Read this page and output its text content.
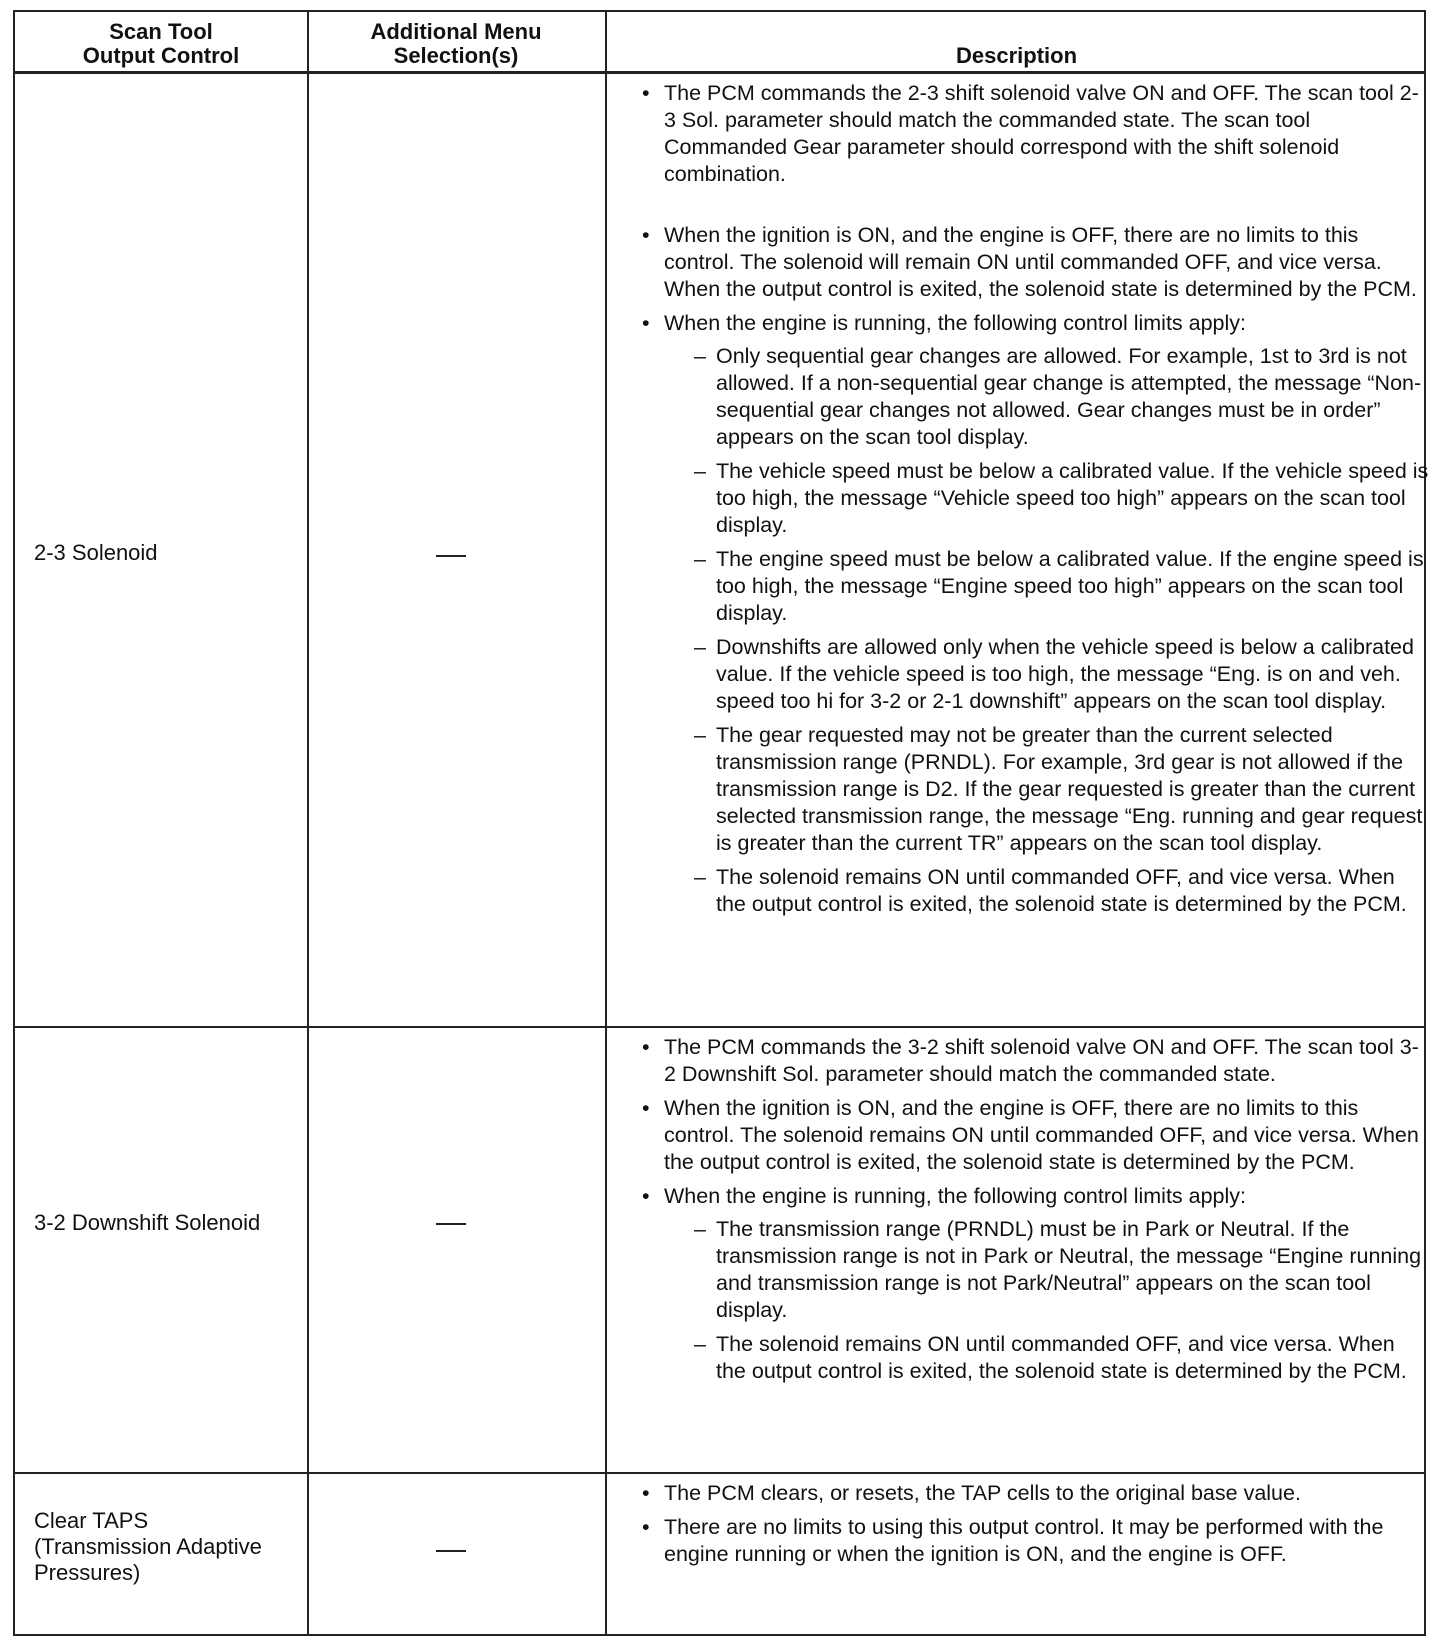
Scan Tool
Output Control
Additional Menu
Selection(s)	Description
2-3 Solenoid
• The PCM commands the 2-3 shift solenoid valve ON and OFF. The scan tool 2-3 Sol. parameter should match the commanded state. The scan tool Commanded Gear parameter should correspond with the shift solenoid combination.
• When the ignition is ON, and the engine is OFF, there are no limits to this control. The solenoid will remain ON until commanded OFF, and vice versa. When the output control is exited, the solenoid state is determined by the PCM.
• When the engine is running, the following control limits apply:
– Only sequential gear changes are allowed. For example, 1st to 3rd is not allowed. If a non-sequential gear change is attempted, the message “Non-sequential gear changes not allowed. Gear changes must be in order” appears on the scan tool display.
– The vehicle speed must be below a calibrated value. If the vehicle speed is too high, the message “Vehicle speed too high” appears on the scan tool display.
– The engine speed must be below a calibrated value. If the engine speed is too high, the message “Engine speed too high” appears on the scan tool display.
– Downshifts are allowed only when the vehicle speed is below a calibrated value. If the vehicle speed is too high, the message “Eng. is on and veh. speed too hi for 3-2 or 2-1 downshift” appears on the scan tool display.
– The gear requested may not be greater than the current selected transmission range (PRNDL). For example, 3rd gear is not allowed if the transmission range is D2. If the gear requested is greater than the current selected transmission range, the message “Eng. running and gear request is greater than the current TR” appears on the scan tool display.
– The solenoid remains ON until commanded OFF, and vice versa. When the output control is exited, the solenoid state is determined by the PCM.
3-2 Downshift Solenoid
• The PCM commands the 3-2 shift solenoid valve ON and OFF. The scan tool 3-2 Downshift Sol. parameter should match the commanded state.
• When the ignition is ON, and the engine is OFF, there are no limits to this control. The solenoid remains ON until commanded OFF, and vice versa. When the output control is exited, the solenoid state is determined by the PCM.
• When the engine is running, the following control limits apply:
– The transmission range (PRNDL) must be in Park or Neutral. If the transmission range is not in Park or Neutral, the message “Engine running and transmission range is not Park/Neutral” appears on the scan tool display.
– The solenoid remains ON until commanded OFF, and vice versa. When the output control is exited, the solenoid state is determined by the PCM.
Clear TAPS
(Transmission Adaptive
Pressures)
• The PCM clears, or resets, the TAP cells to the original base value.
• There are no limits to using this output control. It may be performed with the engine running or when the ignition is ON, and the engine is OFF.
